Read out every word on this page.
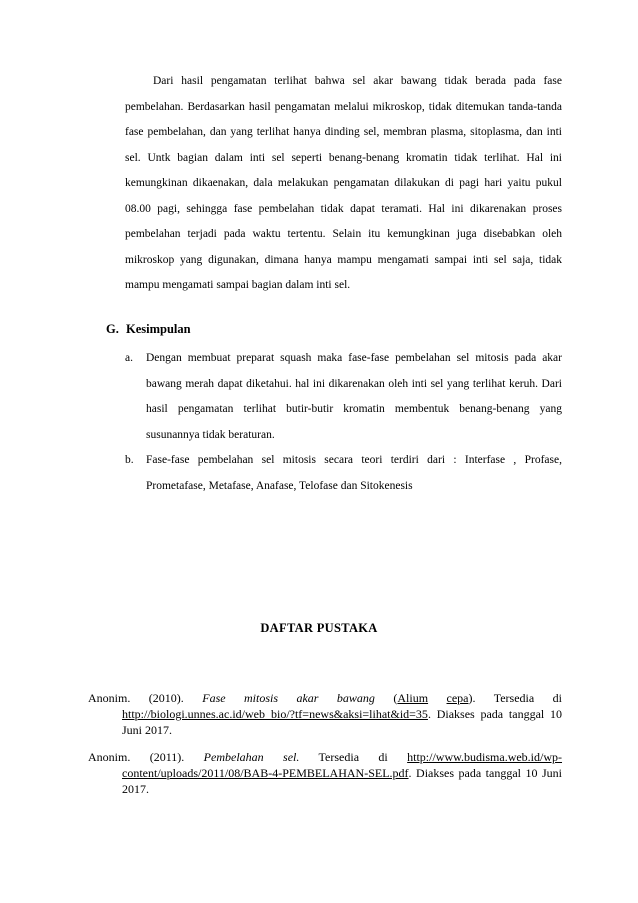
Dari hasil pengamatan terlihat bahwa sel akar bawang tidak berada pada fase pembelahan. Berdasarkan hasil pengamatan melalui mikroskop, tidak ditemukan tanda-tanda fase pembelahan, dan yang terlihat hanya dinding sel, membran plasma, sitoplasma, dan inti sel. Untk bagian dalam inti sel seperti benang-benang kromatin tidak terlihat. Hal ini kemungkinan dikaenakan, dala melakukan pengamatan dilakukan di pagi hari yaitu pukul 08.00 pagi, sehingga fase pembelahan tidak dapat teramati. Hal ini dikarenakan proses pembelahan terjadi pada waktu tertentu. Selain itu kemungkinan juga disebabkan oleh mikroskop yang digunakan, dimana hanya mampu mengamati sampai inti sel saja, tidak mampu mengamati sampai bagian dalam inti sel.

G. Kesimpulan
a. Dengan membuat preparat squash maka fase-fase pembelahan sel mitosis pada akar bawang merah dapat diketahui. hal ini dikarenakan oleh inti sel yang terlihat keruh. Dari hasil pengamatan terlihat butir-butir kromatin membentuk benang-benang yang susunannya tidak beraturan.
b. Fase-fase pembelahan sel mitosis secara teori terdiri dari : Interfase , Profase, Prometafase, Metafase, Anafase, Telofase dan Sitokenesis
DAFTAR PUSTAKA
Anonim. (2010). Fase mitosis akar bawang (Alium cepa). Tersedia di http://biologi.unnes.ac.id/web_bio/?tf=news&aksi=lihat&id=35. Diakses pada tanggal 10 Juni 2017.
Anonim. (2011). Pembelahan sel. Tersedia di http://www.budisma.web.id/wp-content/uploads/2011/08/BAB-4-PEMBELAHAN-SEL.pdf. Diakses pada tanggal 10 Juni 2017.
